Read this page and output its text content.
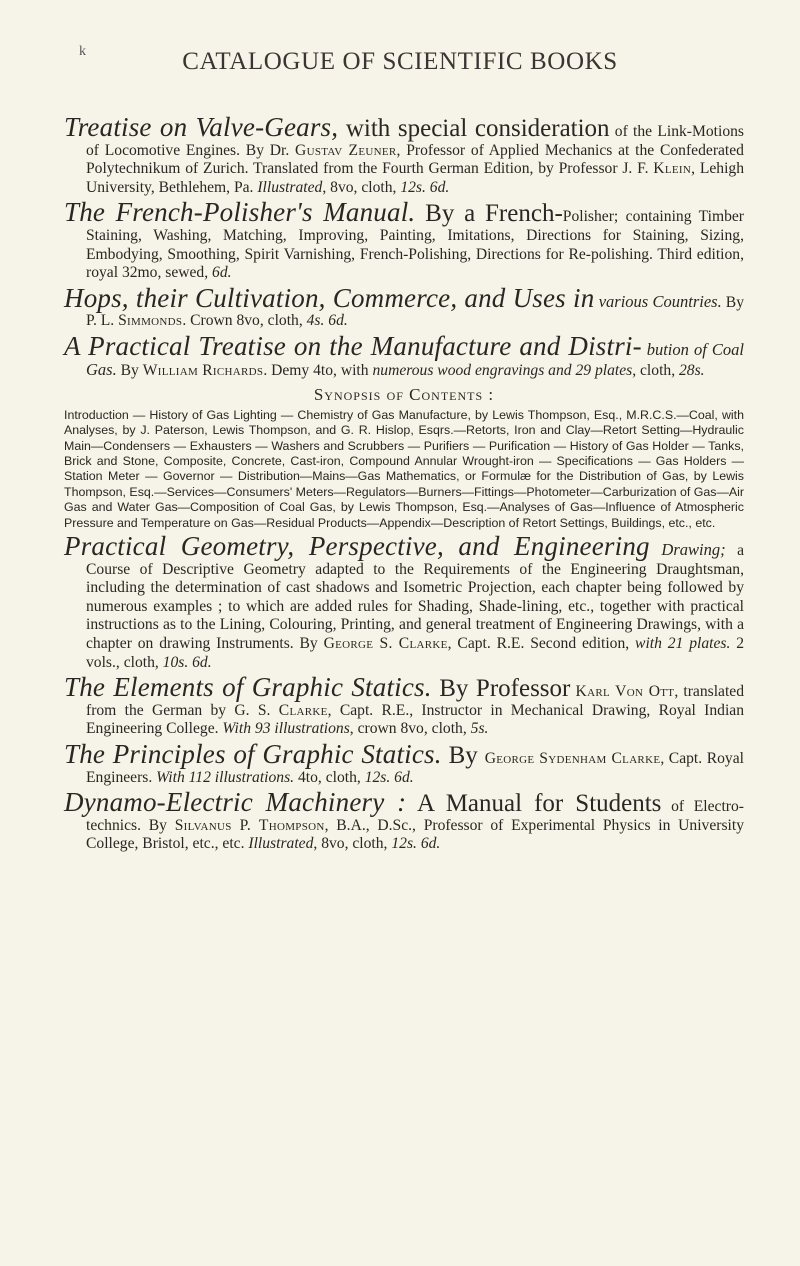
k	CATALOGUE OF SCIENTIFIC BOOKS

Treatise on Valve-Gears, with special consideration of the Link-Motions of Locomotive Engines. By Dr. Gustav Zeuner, Professor of Applied Mechanics at the Confederated Polytechnikum of Zurich. Translated from the Fourth German Edition, by Professor J. F. Klein, Lehigh University, Bethlehem, Pa. Illustrated, 8vo, cloth, 12s. 6d.

The French-Polisher's Manual. By a French-Polisher; containing Timber Staining, Washing, Matching, Improving, Painting, Imitations, Directions for Staining, Sizing, Embodying, Smoothing, Spirit Varnishing, French-Polishing, Directions for Re-polishing. Third edition, royal 32mo, sewed, 6d.

Hops, their Cultivation, Commerce, and Uses in various Countries. By P. L. Simmonds. Crown 8vo, cloth, 4s. 6d.

A Practical Treatise on the Manufacture and Distri- bution of Coal Gas. By William Richards. Demy 4to, with numerous wood engravings and 29 plates, cloth, 28s.

Synopsis of Contents :

Introduction — History of Gas Lighting — Chemistry of Gas Manufacture, by Lewis Thompson, Esq., M.R.C.S.—Coal, with Analyses, by J. Paterson, Lewis Thompson, and G. R. Hislop, Esqrs.—Retorts, Iron and Clay—Retort Setting—Hydraulic Main—Condensers — Exhausters — Washers and Scrubbers — Purifiers — Purification — History of Gas Holder — Tanks, Brick and Stone, Composite, Concrete, Cast-iron, Compound Annular Wrought-iron — Specifications — Gas Holders — Station Meter — Governor — Distribution—Mains—Gas Mathematics, or Formulæ for the Distribution of Gas, by Lewis Thompson, Esq.—Services—Consumers' Meters—Regulators—Burners—Fittings—Photometer—Carburization of Gas—Air Gas and Water Gas—Composition of Coal Gas, by Lewis Thompson, Esq.—Analyses of Gas—Influence of Atmospheric Pressure and Temperature on Gas—Residual Products—Appendix—Description of Retort Settings, Buildings, etc., etc.

Practical Geometry, Perspective, and Engineering Drawing; a Course of Descriptive Geometry adapted to the Requirements of the Engineering Draughtsman, including the determination of cast shadows and Isometric Projection, each chapter being followed by numerous examples ; to which are added rules for Shading, Shade-lining, etc., together with practical instructions as to the Lining, Colouring, Printing, and general treatment of Engineering Drawings, with a chapter on drawing Instruments. By George S. Clarke, Capt. R.E. Second edition, with 21 plates. 2 vols., cloth, 10s. 6d.

The Elements of Graphic Statics. By Professor Karl Von Ott, translated from the German by G. S. Clarke, Capt. R.E., Instructor in Mechanical Drawing, Royal Indian Engineering College. With 93 illustrations, crown 8vo, cloth, 5s.

The Principles of Graphic Statics. By George Sydenham Clarke, Capt. Royal Engineers. With 112 illustrations. 4to, cloth, 12s. 6d.

Dynamo-Electric Machinery : A Manual for Students of Electro-technics. By Silvanus P. Thompson, B.A., D.Sc., Professor of Experimental Physics in University College, Bristol, etc., etc. Illustrated, 8vo, cloth, 12s. 6d.
